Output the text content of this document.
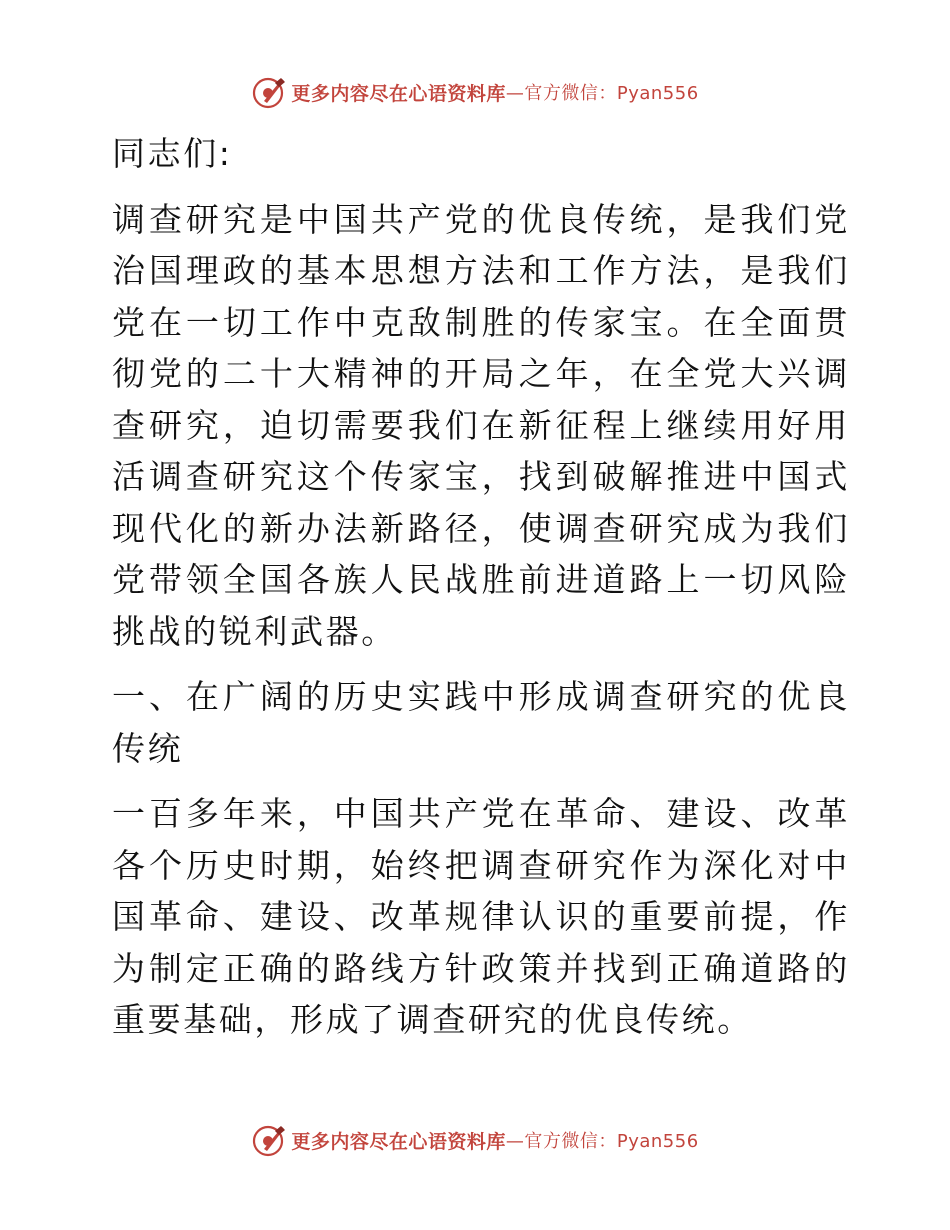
更多内容尽在心语资料库 —官方微信：Pyan556

同志们:

调查研究是中国共产党的优良传统，是我们党治国理政的基本思想方法和工作方法，是我们党在一切工作中克敌制胜的传家宝。在全面贯彻党的二十大精神的开局之年，在全党大兴调查研究，迫切需要我们在新征程上继续用好用活调查研究这个传家宝，找到破解推进中国式现代化的新办法新路径，使调查研究成为我们党带领全国各族人民战胜前进道路上一切风险挑战的锐利武器。

一、在广阔的历史实践中形成调查研究的优良传统

一百多年来，中国共产党在革命、建设、改革各个历史时期，始终把调查研究作为深化对中国革命、建设、改革规律认识的重要前提，作为制定正确的路线方针政策并找到正确道路的重要基础，形成了调查研究的优良传统。

更多内容尽在心语资料库 —官方微信：Pyan556
